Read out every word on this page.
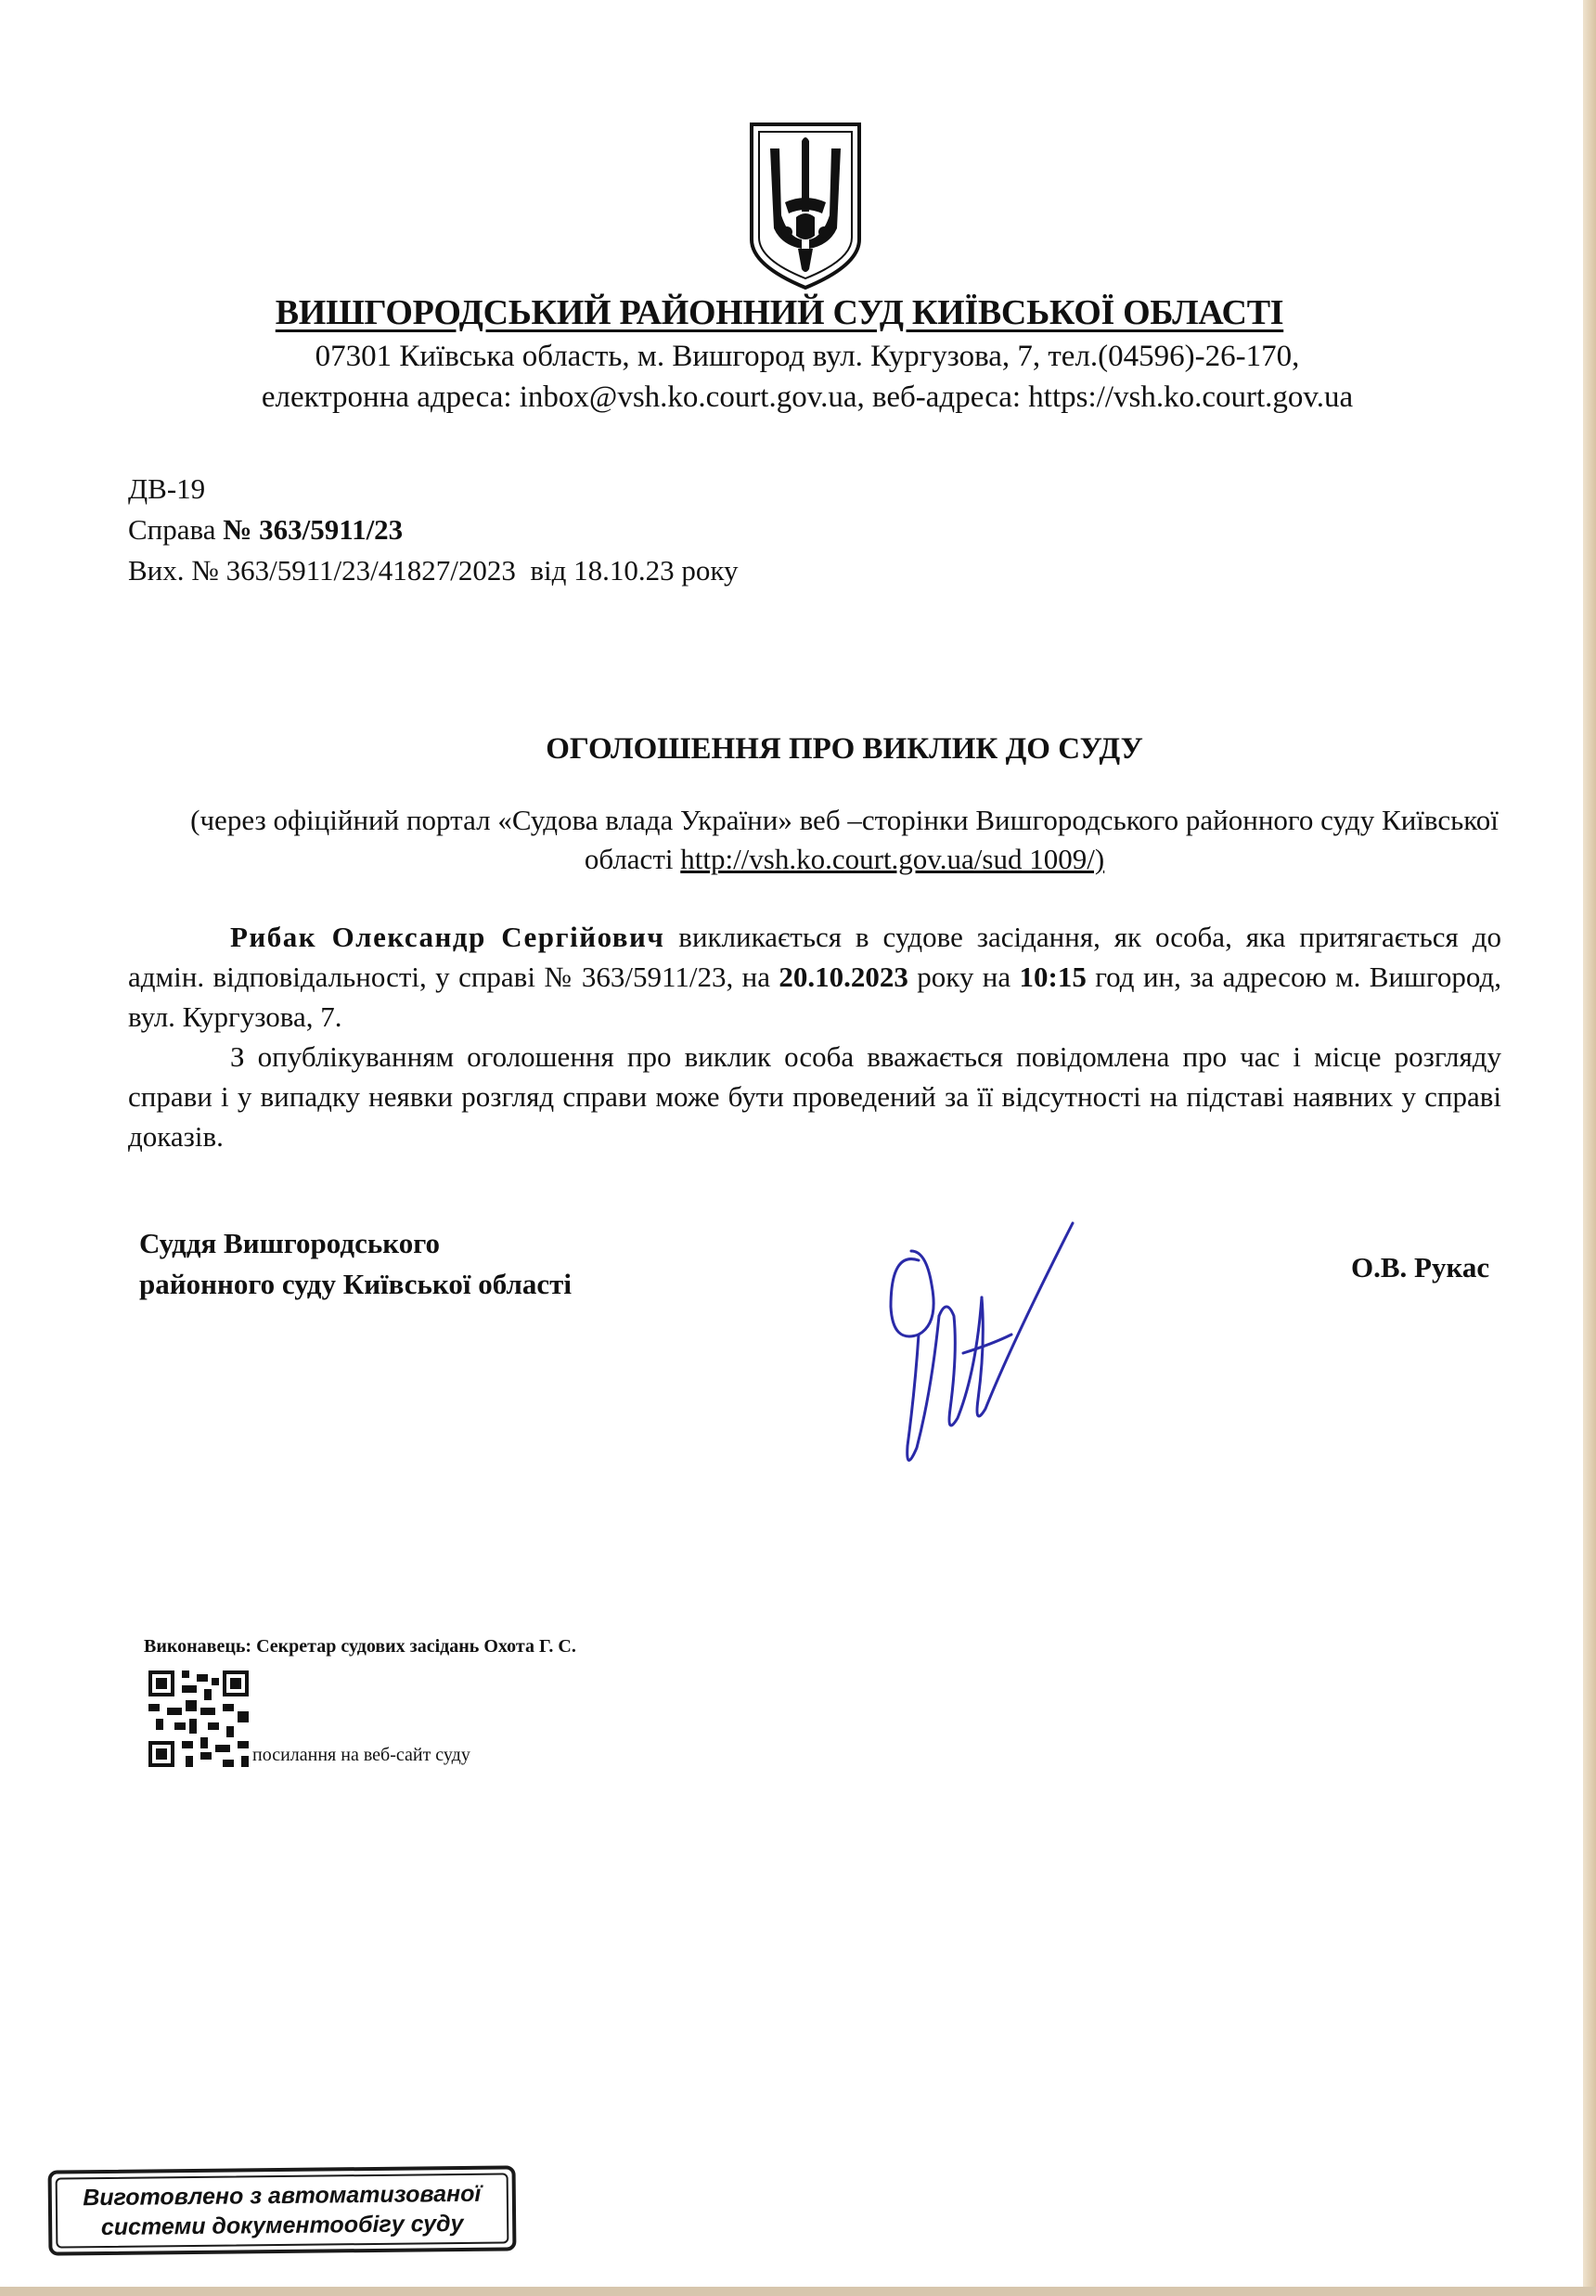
ВИШГОРОДСЬКИЙ РАЙОННИЙ СУД КИЇВСЬКОЇ ОБЛАСТІ
07301 Київська область, м. Вишгород вул. Кургузова, 7, тел.(04596)-26-170,
електронна адреса: inbox@vsh.ko.court.gov.ua, веб-адреса: https://vsh.ko.court.gov.ua
ДВ-19
Справа № 363/5911/23
Вих. № 363/5911/23/41827/2023  від 18.10.23 року
ОГОЛОШЕННЯ ПРО ВИКЛИК ДО СУДУ
(через офіційний портал «Судова влада України» веб –сторінки Вишгородського районного суду Київської області http://vsh.ko.court.gov.ua/sud 1009/)

Рибак Олександр Сергійович викликається в судове засідання, як особа, яка притягається до адмін. відповідальності, у справі № 363/5911/23, на 20.10.2023 року на 10:15 год ин, за адресою м. Вишгород, вул. Кургузова, 7.

З опублікуванням оголошення про виклик особа вважається повідомлена про час і місце розгляду справи і у випадку неявки розгляд справи може бути проведений за її відсутності на підставі наявних у справі доказів.

Суддя Вишгородського
районного суду Київської області
О.В. Рукас
Виконавець: Секретар судових засідань Охота Г. С.
посилання на веб-сайт суду
Виготовлено з автоматизованої
системи документообігу суду
